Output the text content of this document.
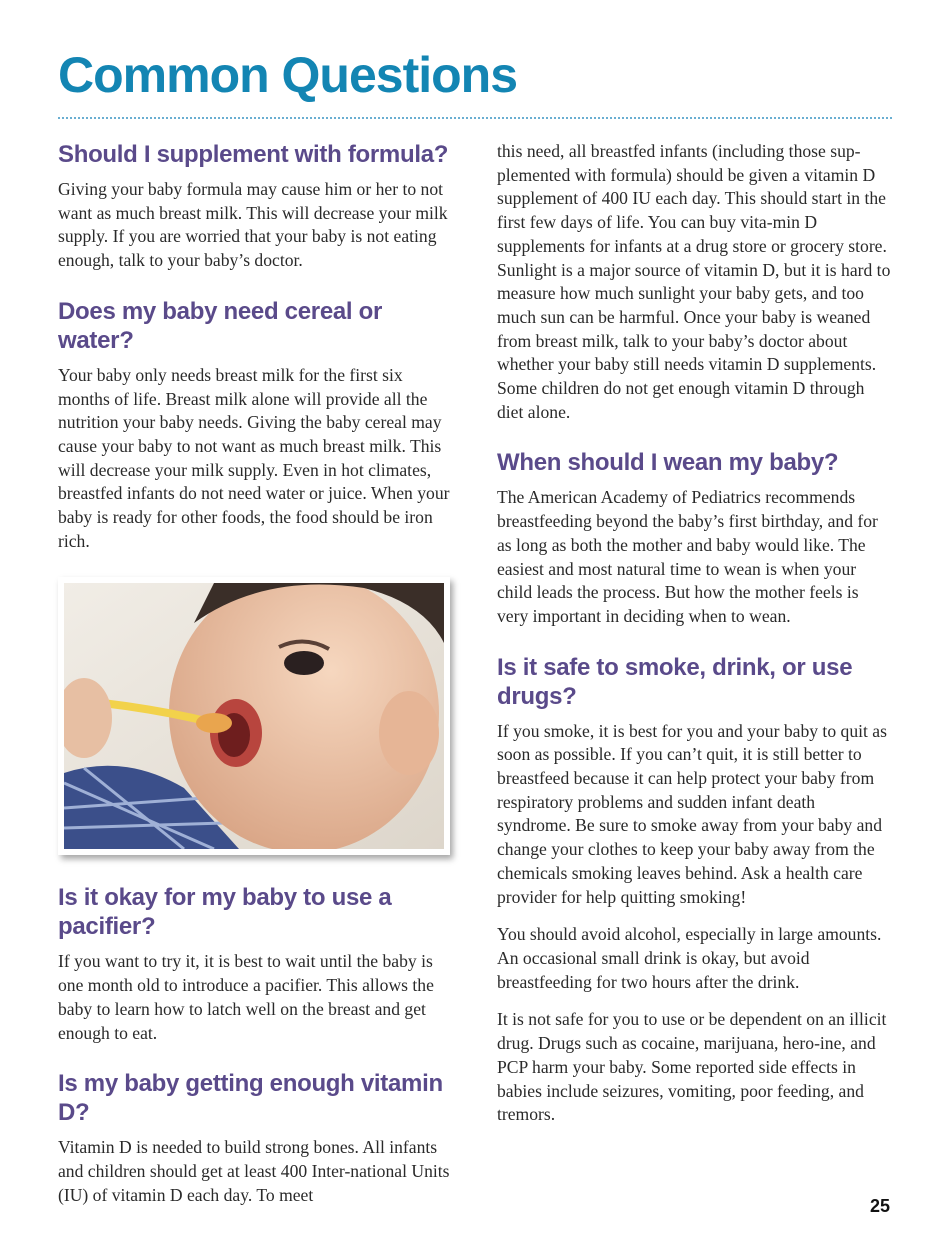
Common Questions
Should I supplement with formula?

Giving your baby formula may cause him or her to not want as much breast milk. This will decrease your milk supply. If you are worried that your baby is not eating enough, talk to your baby’s doctor.

Does my baby need cereal or water?

Your baby only needs breast milk for the first six months of life. Breast milk alone will provide all the nutrition your baby needs. Giving the baby cereal may cause your baby to not want as much breast milk. This will decrease your milk supply. Even in hot climates, breastfed infants do not need water or juice. When your baby is ready for other foods, the food should be iron rich.

Is it okay for my baby to use a pacifier?

If you want to try it, it is best to wait until the baby is one month old to introduce a pacifier. This allows the baby to learn how to latch well on the breast and get enough to eat.

Is my baby getting enough vitamin D?

Vitamin D is needed to build strong bones. All infants and children should get at least 400 Inter-national Units (IU) of vitamin D each day. To meet

this need, all breastfed infants (including those sup-plemented with formula) should be given a vitamin D supplement of 400 IU each day. This should start in the first few days of life. You can buy vita-min D supplements for infants at a drug store or grocery store. Sunlight is a major source of vitamin D, but it is hard to measure how much sunlight your baby gets, and too much sun can be harmful. Once your baby is weaned from breast milk, talk to your baby’s doctor about whether your baby still needs vitamin D supplements. Some children do not get enough vitamin D through diet alone.

When should I wean my baby?

The American Academy of Pediatrics recommends breastfeeding beyond the baby’s first birthday, and for as long as both the mother and baby would like. The easiest and most natural time to wean is when your child leads the process. But how the mother feels is very important in deciding when to wean.

Is it safe to smoke, drink, or use drugs?

If you smoke, it is best for you and your baby to quit as soon as possible. If you can’t quit, it is still better to breastfeed because it can help protect your baby from respiratory problems and sudden infant death syndrome. Be sure to smoke away from your baby and change your clothes to keep your baby away from the chemicals smoking leaves behind. Ask a health care provider for help quitting smoking!

You should avoid alcohol, especially in large amounts. An occasional small drink is okay, but avoid breastfeeding for two hours after the drink.

It is not safe for you to use or be dependent on an illicit drug. Drugs such as cocaine, marijuana, hero-ine, and PCP harm your baby. Some reported side effects in babies include seizures, vomiting, poor feeding, and tremors.

25
